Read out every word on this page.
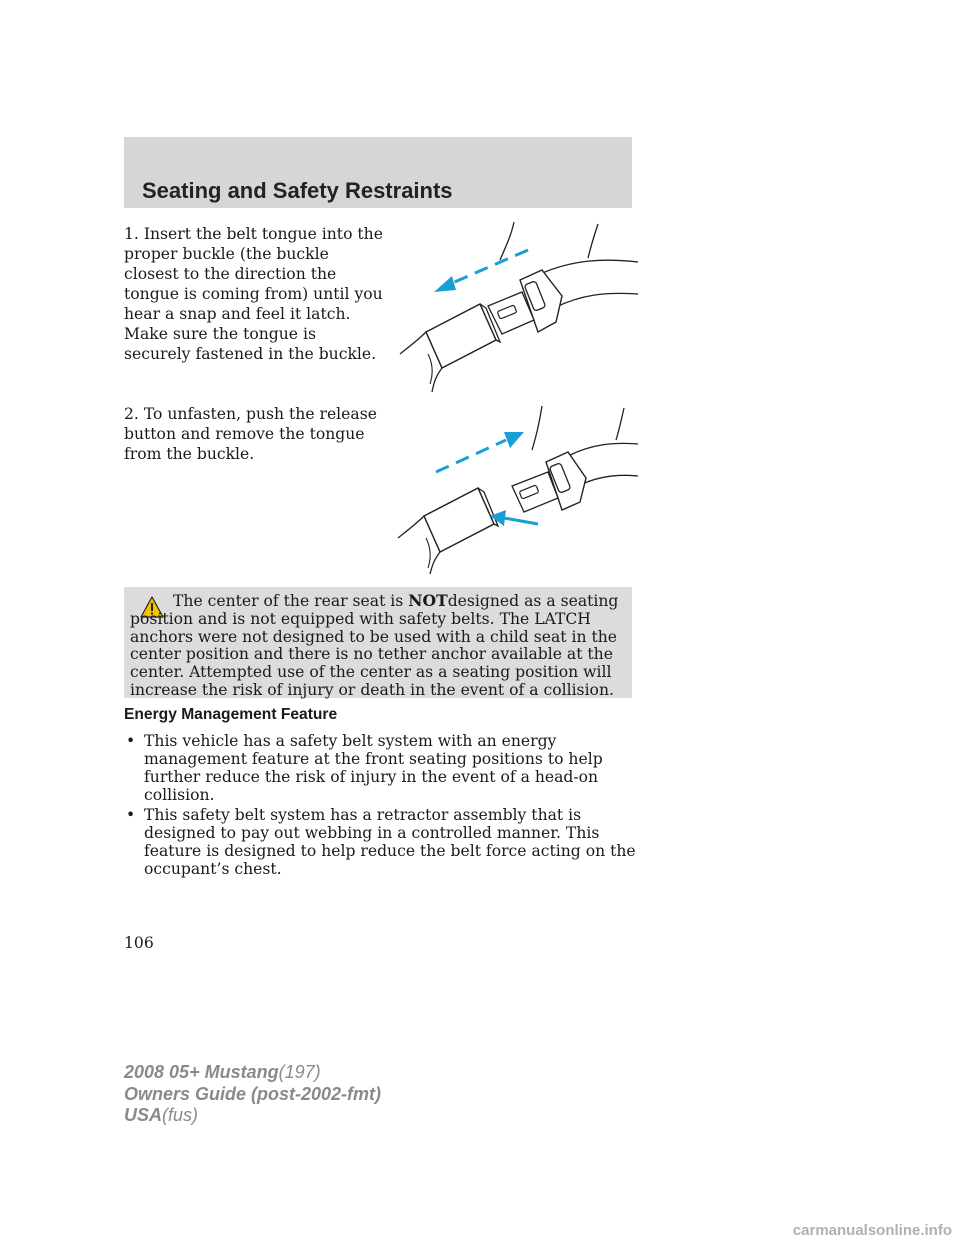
Seating and Safety Restraints
1. Insert the belt tongue into the proper buckle (the buckle closest to the direction the tongue is coming from) until you hear a snap and feel it latch. Make sure the tongue is securely fastened in the buckle.
2. To unfasten, push the release button and remove the tongue from the buckle.
The center of the rear seat is NOTdesigned as a seating position and is not equipped with safety belts. The LATCH anchors were not designed to be used with a child seat in the center position and there is no tether anchor available at the center. Attempted use of the center as a seating position will increase the risk of injury or death in the event of a collision.
Energy Management Feature
• This vehicle has a safety belt system with an energy management feature at the front seating positions to help further reduce the risk of injury in the event of a head-on collision.
• This safety belt system has a retractor assembly that is designed to pay out webbing in a controlled manner. This feature is designed to help reduce the belt force acting on the occupant’s chest.
106
2008 05+ Mustang(197)
Owners Guide (post-2002-fmt)
USA(fus)
carmanualsonline.info
